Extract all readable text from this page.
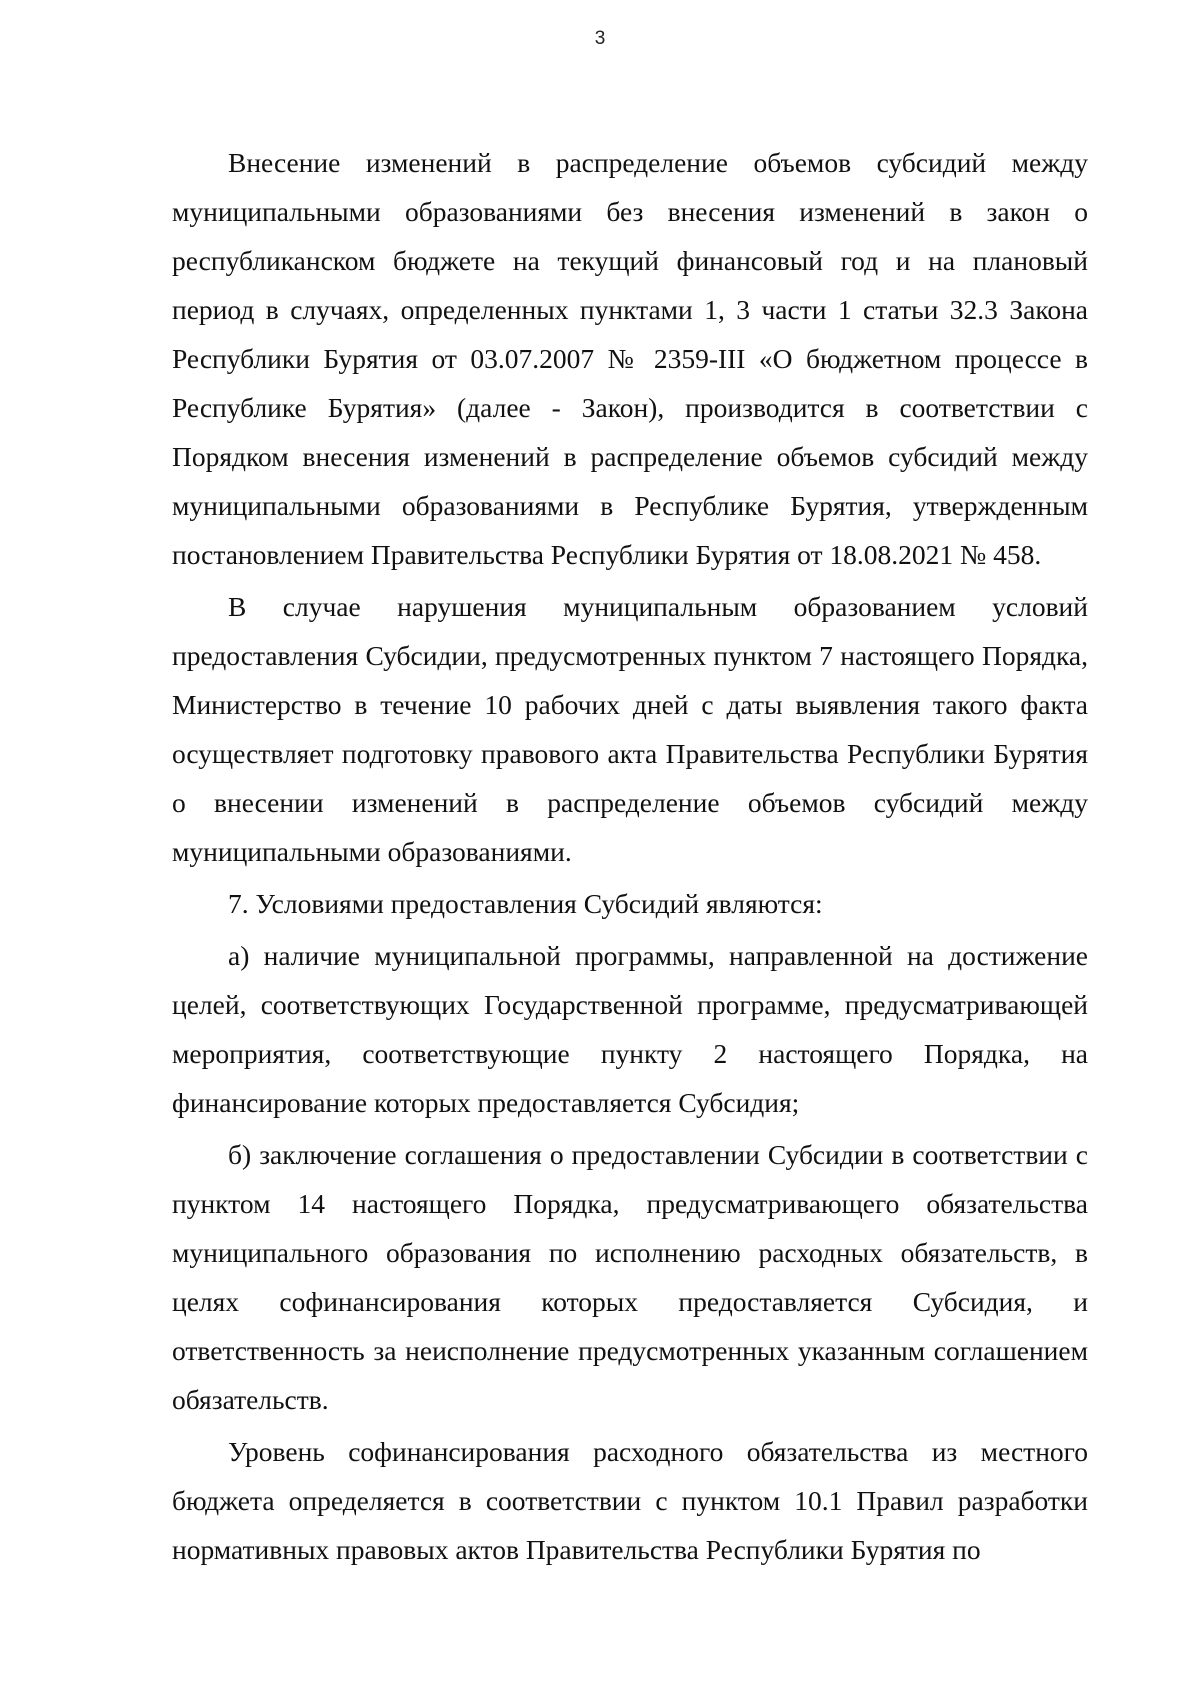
3

Внесение изменений в распределение объемов субсидий между муниципальными образованиями без внесения изменений в закон о республиканском бюджете на текущий финансовый год и на плановый период в случаях, определенных пунктами 1, 3 части 1 статьи 32.3 Закона Республики Бурятия от 03.07.2007 № 2359-III «О бюджетном процессе в Республике Бурятия» (далее - Закон), производится в соответствии с Порядком внесения изменений в распределение объемов субсидий между муниципальными образованиями в Республике Бурятия, утвержденным постановлением Правительства Республики Бурятия от 18.08.2021 № 458.

В случае нарушения муниципальным образованием условий предоставления Субсидии, предусмотренных пунктом 7 настоящего Порядка, Министерство в течение 10 рабочих дней с даты выявления такого факта осуществляет подготовку правового акта Правительства Республики Бурятия о внесении изменений в распределение объемов субсидий между муниципальными образованиями.

7. Условиями предоставления Субсидий являются:

а) наличие муниципальной программы, направленной на достижение целей, соответствующих Государственной программе, предусматривающей мероприятия, соответствующие пункту 2 настоящего Порядка, на финансирование которых предоставляется Субсидия;

б) заключение соглашения о предоставлении Субсидии в соответствии с пунктом 14 настоящего Порядка, предусматривающего обязательства муниципального образования по исполнению расходных обязательств, в целях софинансирования которых предоставляется Субсидия, и ответственность за неисполнение предусмотренных указанным соглашением обязательств.

Уровень софинансирования расходного обязательства из местного бюджета определяется в соответствии с пунктом 10.1 Правил разработки нормативных правовых актов Правительства Республики Бурятия по
